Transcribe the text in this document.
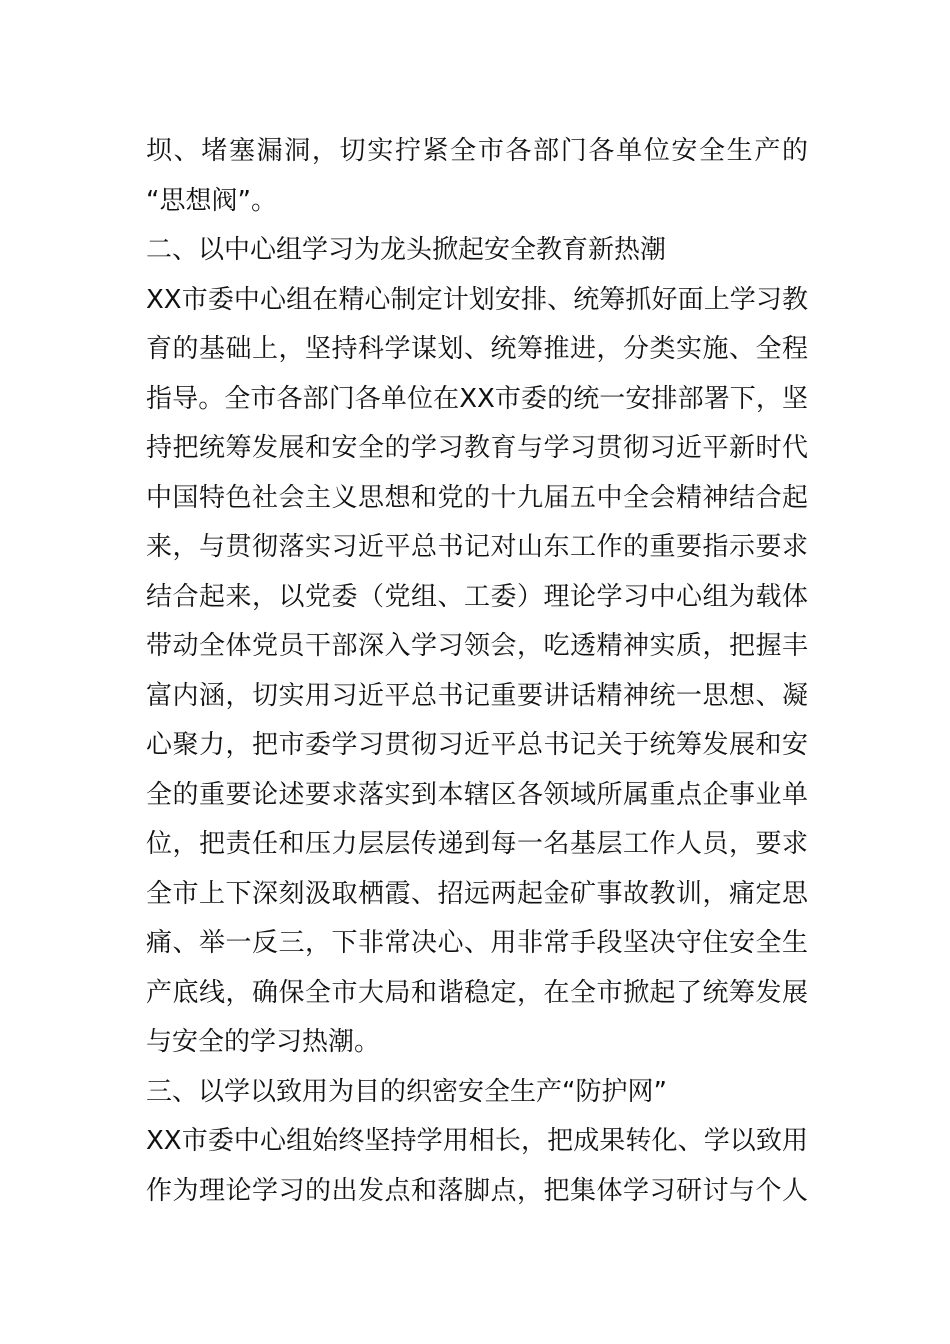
坝、堵塞漏洞，切实拧紧全市各部门各单位安全生产的
“思想阀”。
二、以中心组学习为龙头掀起安全教育新热潮
XX市委中心组在精心制定计划安排、统筹抓好面上学习教
育的基础上，坚持科学谋划、统筹推进，分类实施、全程
指导。全市各部门各单位在XX市委的统一安排部署下，坚
持把统筹发展和安全的学习教育与学习贯彻习近平新时代
中国特色社会主义思想和党的十九届五中全会精神结合起
来，与贯彻落实习近平总书记对山东工作的重要指示要求
结合起来，以党委（党组、工委）理论学习中心组为载体
带动全体党员干部深入学习领会，吃透精神实质，把握丰
富内涵，切实用习近平总书记重要讲话精神统一思想、凝
心聚力，把市委学习贯彻习近平总书记关于统筹发展和安
全的重要论述要求落实到本辖区各领域所属重点企事业单
位，把责任和压力层层传递到每一名基层工作人员，要求
全市上下深刻汲取栖霞、招远两起金矿事故教训，痛定思
痛、举一反三，下非常决心、用非常手段坚决守住安全生
产底线，确保全市大局和谐稳定，在全市掀起了统筹发展
与安全的学习热潮。
三、以学以致用为目的织密安全生产“防护网”
XX市委中心组始终坚持学用相长，把成果转化、学以致用
作为理论学习的出发点和落脚点，把集体学习研讨与个人
